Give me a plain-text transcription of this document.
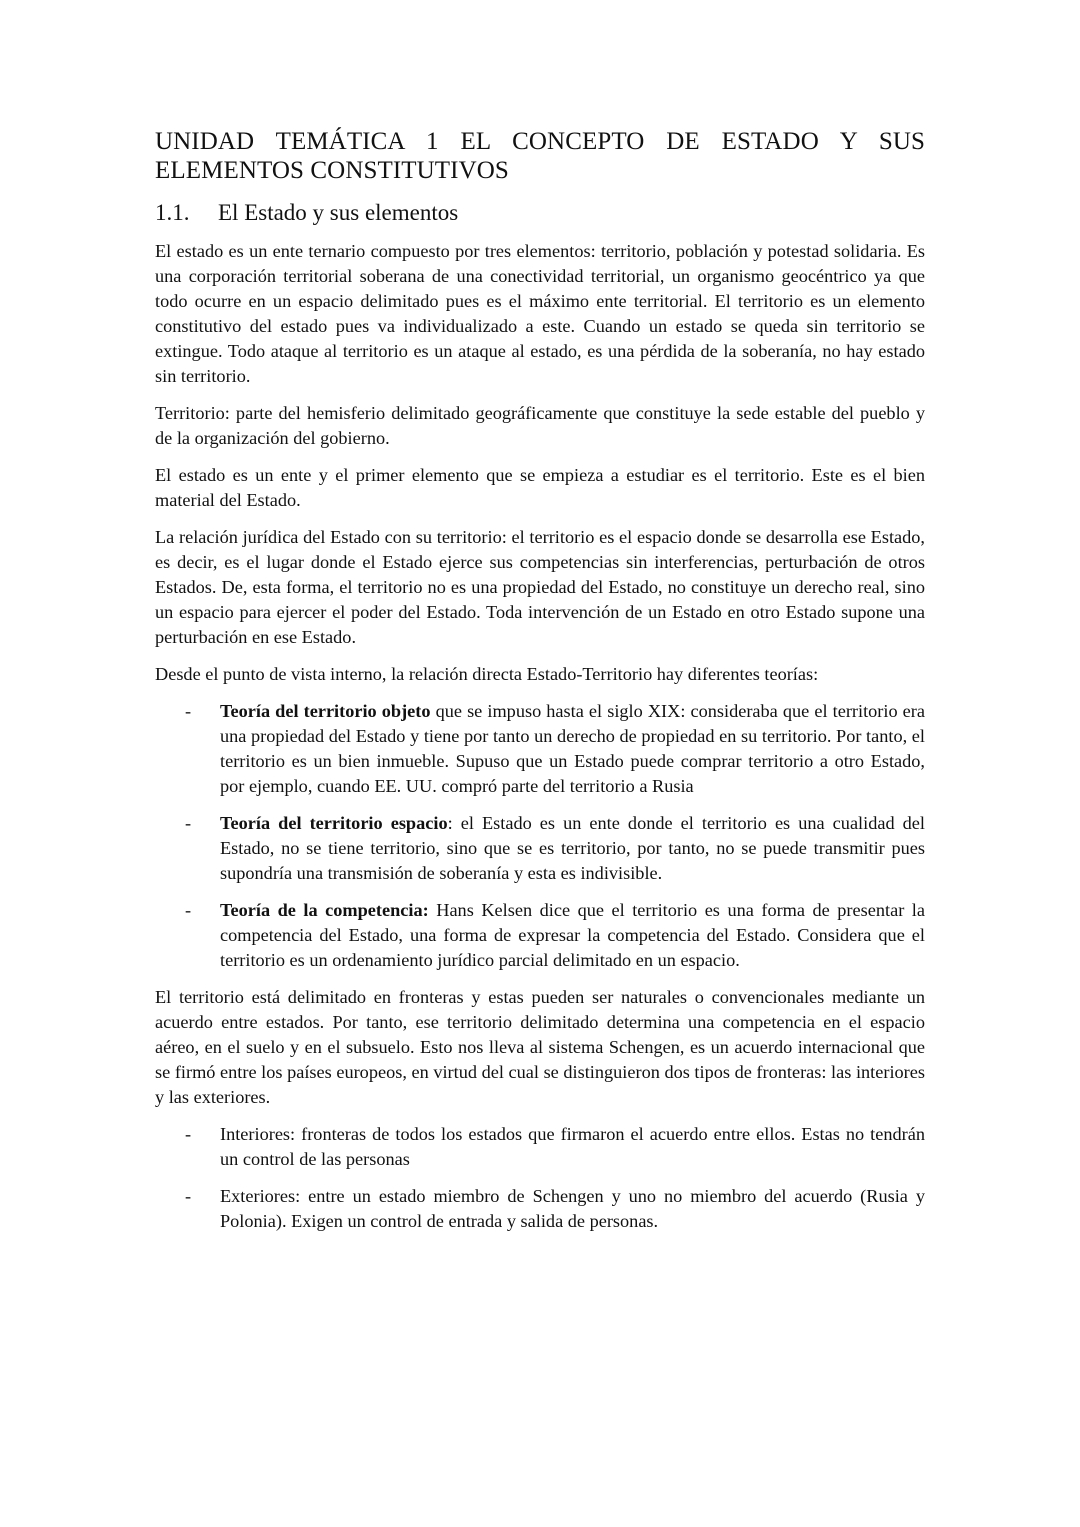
UNIDAD TEMÁTICA 1 EL CONCEPTO DE ESTADO Y SUS
ELEMENTOS CONSTITUTIVOS
1.1.	El Estado y sus elementos

El estado es un ente ternario compuesto por tres elementos: territorio, población y potestad solidaria. Es una corporación territorial soberana de una conectividad territorial, un organismo geocéntrico ya que todo ocurre en un espacio delimitado pues es el máximo ente territorial. El territorio es un elemento constitutivo del estado pues va individualizado a este. Cuando un estado se queda sin territorio se extingue. Todo ataque al territorio es un ataque al estado, es una pérdida de la soberanía, no hay estado sin territorio.

Territorio: parte del hemisferio delimitado geográficamente que constituye la sede estable del pueblo y de la organización del gobierno.

El estado es un ente y el primer elemento que se empieza a estudiar es el territorio. Este es el bien material del Estado.

La relación jurídica del Estado con su territorio: el territorio es el espacio donde se desarrolla ese Estado, es decir, es el lugar donde el Estado ejerce sus competencias sin interferencias, perturbación de otros Estados. De, esta forma, el territorio no es una propiedad del Estado, no constituye un derecho real, sino un espacio para ejercer el poder del Estado. Toda intervención de un Estado en otro Estado supone una perturbación en ese Estado.

Desde el punto de vista interno, la relación directa Estado-Territorio hay diferentes teorías:

- Teoría del territorio objeto que se impuso hasta el siglo XIX: consideraba que el territorio era una propiedad del Estado y tiene por tanto un derecho de propiedad en su territorio. Por tanto, el territorio es un bien inmueble. Supuso que un Estado puede comprar territorio a otro Estado, por ejemplo, cuando EE. UU. compró parte del territorio a Rusia
- Teoría del territorio espacio: el Estado es un ente donde el territorio es una cualidad del Estado, no se tiene territorio, sino que se es territorio, por tanto, no se puede transmitir pues supondría una transmisión de soberanía y esta es indivisible.
- Teoría de la competencia: Hans Kelsen dice que el territorio es una forma de presentar la competencia del Estado, una forma de expresar la competencia del Estado. Considera que el territorio es un ordenamiento jurídico parcial delimitado en un espacio.

El territorio está delimitado en fronteras y estas pueden ser naturales o convencionales mediante un acuerdo entre estados. Por tanto, ese territorio delimitado determina una competencia en el espacio aéreo, en el suelo y en el subsuelo. Esto nos lleva al sistema Schengen, es un acuerdo internacional que se firmó entre los países europeos, en virtud del cual se distinguieron dos tipos de fronteras: las interiores y las exteriores.

- Interiores: fronteras de todos los estados que firmaron el acuerdo entre ellos. Estas no tendrán un control de las personas
- Exteriores: entre un estado miembro de Schengen y uno no miembro del acuerdo (Rusia y Polonia). Exigen un control de entrada y salida de personas.
